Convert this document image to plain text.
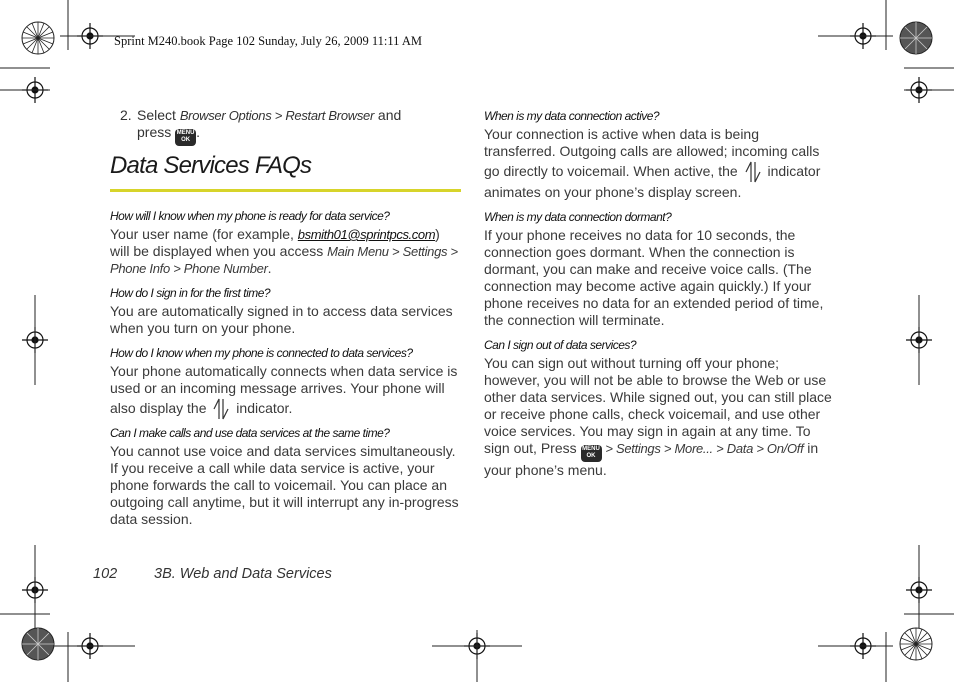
Sprint M240.book Page 102 Sunday, July 26, 2009 11:11 AM
2. Select Browser Options > Restart Browser and
press MENU
OK .
Data Services FAQs

How will I know when my phone is ready for data service?

Your user name (for example, bsmith01@sprintpcs.com) will be displayed when you access Main Menu > Settings > Phone Info > Phone Number.

How do I sign in for the first time?

You are automatically signed in to access data services when you turn on your phone.

How do I know when my phone is connected to data services?

Your phone automatically connects when data service is used or an incoming message arrives. Your phone will also display the  indicator.

Can I make calls and use data services at the same time?

You cannot use voice and data services simultaneously. If you receive a call while data service is active, your phone forwards the call to voicemail. You can place an outgoing call anytime, but it will interrupt any in-progress data session.

When is my data connection active?

Your connection is active when data is being transferred. Outgoing calls are allowed; incoming calls go directly to voicemail. When active, the  indicator animates on your phone’s display screen.

When is my data connection dormant?

If your phone receives no data for 10 seconds, the connection goes dormant. When the connection is dormant, you can make and receive voice calls. (The connection may become active again quickly.) If your phone receives no data for an extended period of time, the connection will terminate.

Can I sign out of data services?

You can sign out without turning off your phone; however, you will not be able to browse the Web or use other data services. While signed out, you can still place or receive phone calls, check voicemail, and use other voice services. You may sign in again at any time. To sign out, Press MENU
OK > Settings > More... > Data > On/Off in your phone’s menu.

102	3B. Web and Data Services
